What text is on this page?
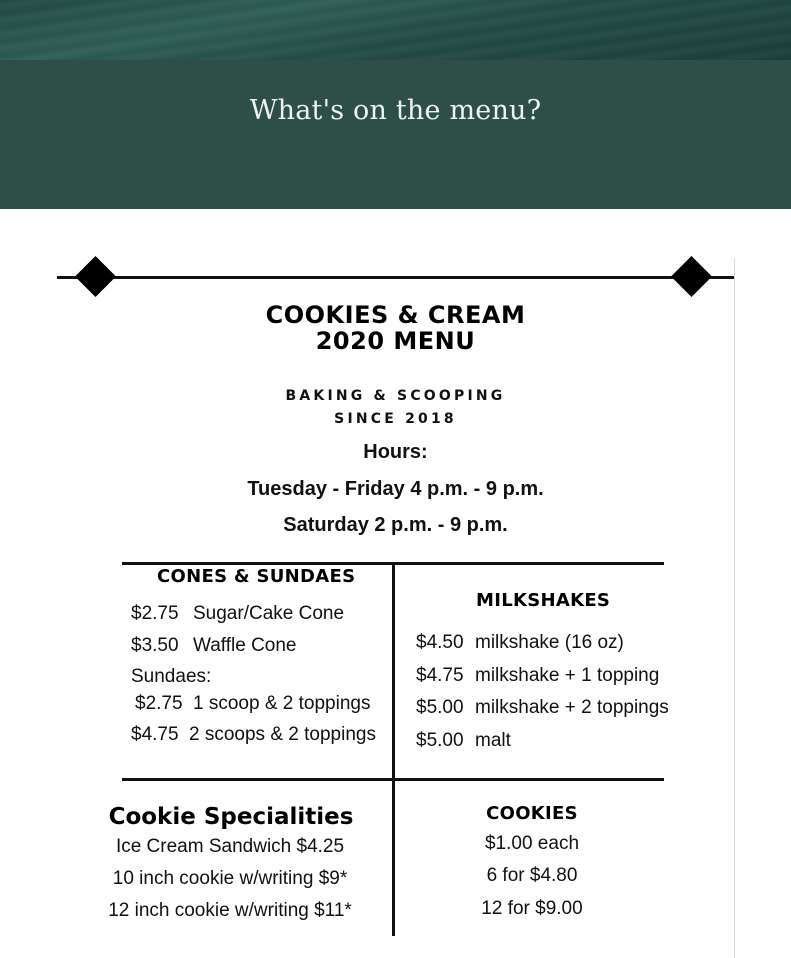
What's on the menu?
COOKIES & CREAM
2020 MENU
BAKING & SCOOPING
SINCE 2018
Hours:
Tuesday - Friday 4 p.m. - 9 p.m.
Saturday 2 p.m. - 9 p.m.
CONES & SUNDAES
$2.75 Sugar/Cake Cone
$3.50 Waffle Cone
Sundaes:
$2.75 1 scoop & 2 toppings
$4.75 2 scoops & 2 toppings
MILKSHAKES
$4.50 milkshake (16 oz)
$4.75 milkshake + 1 topping
$5.00 milkshake + 2 toppings
$5.00 malt
Cookie Specialities
Ice Cream Sandwich $4.25
10 inch cookie w/writing $9*
12 inch cookie w/writing $11*
COOKIES
$1.00 each
6 for $4.80
12 for $9.00
